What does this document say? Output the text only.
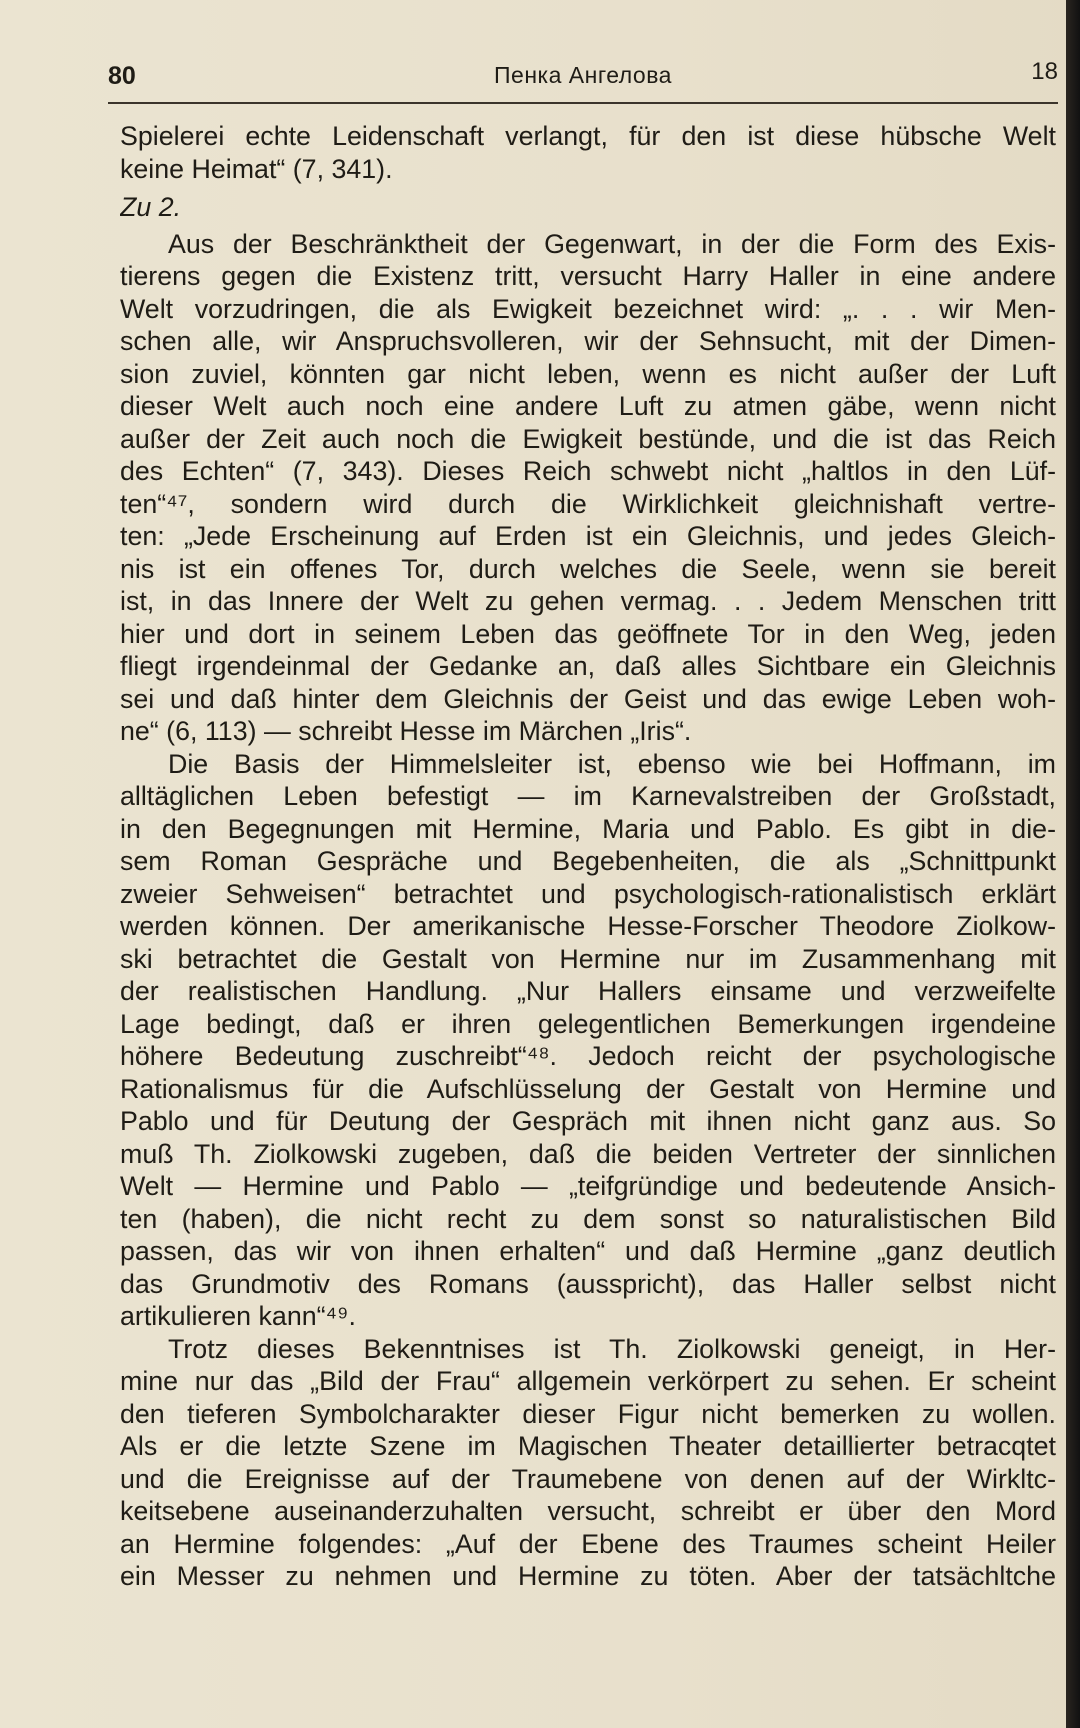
80	Пенка Ангелова	18
Spielerei echte Leidenschaft verlangt, für den ist diese hübsche Welt
keine Heimat“ (7, 341).
Zu 2.
Aus der Beschränktheit der Gegenwart, in der die Form des Exis-
tierens gegen die Existenz tritt, versucht Harry Haller in eine andere
Welt vorzudringen, die als Ewigkeit bezeichnet wird: „. . . wir Men-
schen alle, wir Anspruchsvolleren, wir der Sehnsucht, mit der Dimen-
sion zuviel, könnten gar nicht leben, wenn es nicht außer der Luft
dieser Welt auch noch eine andere Luft zu atmen gäbe, wenn nicht
außer der Zeit auch noch die Ewigkeit bestünde, und die ist das Reich
des Echten“ (7, 343). Dieses Reich schwebt nicht „haltlos in den Lüf-
ten“⁴⁷, sondern wird durch die Wirklichkeit gleichnishaft vertre-
ten: „Jede Erscheinung auf Erden ist ein Gleichnis, und jedes Gleich-
nis ist ein offenes Tor, durch welches die Seele, wenn sie bereit
ist, in das Innere der Welt zu gehen vermag. . . Jedem Menschen tritt
hier und dort in seinem Leben das geöffnete Tor in den Weg, jeden
fliegt irgendeinmal der Gedanke an, daß alles Sichtbare ein Gleichnis
sei und daß hinter dem Gleichnis der Geist und das ewige Leben woh-
ne“ (6, 113) — schreibt Hesse im Märchen „Iris“.
Die Basis der Himmelsleiter ist, ebenso wie bei Hoffmann, im
alltäglichen Leben befestigt — im Karnevalstreiben der Großstadt,
in den Begegnungen mit Hermine, Maria und Pablo. Es gibt in die-
sem Roman Gespräche und Begebenheiten, die als „Schnittpunkt
zweier Sehweisen“ betrachtet und psychologisch-rationalistisch erklärt
werden können. Der amerikanische Hesse-Forscher Theodore Ziolkow-
ski betrachtet die Gestalt von Hermine nur im Zusammenhang mit
der realistischen Handlung. „Nur Hallers einsame und verzweifelte
Lage bedingt, daß er ihren gelegentlichen Bemerkungen irgendeine
höhere Bedeutung zuschreibt“⁴⁸. Jedoch reicht der psychologische
Rationalismus für die Aufschlüsselung der Gestalt von Hermine und
Pablo und für Deutung der Gespräch mit ihnen nicht ganz aus. So
muß Th. Ziolkowski zugeben, daß die beiden Vertreter der sinnlichen
Welt — Hermine und Pablo — „teifgründige und bedeutende Ansich-
ten (haben), die nicht recht zu dem sonst so naturalistischen Bild
passen, das wir von ihnen erhalten“ und daß Hermine „ganz deutlich
das Grundmotiv des Romans (ausspricht), das Haller selbst nicht
artikulieren kann“⁴⁹.
Trotz dieses Bekenntnises ist Th. Ziolkowski geneigt, in Her-
mine nur das „Bild der Frau“ allgemein verkörpert zu sehen. Er scheint
den tieferen Symbolcharakter dieser Figur nicht bemerken zu wollen.
Als er die letzte Szene im Magischen Theater detaillierter betracqtet
und die Ereignisse auf der Traumebene von denen auf der Wirkltc-
keitsebene auseinanderzuhalten versucht, schreibt er über den Mord
an Hermine folgendes: „Auf der Ebene des Traumes scheint Heiler
ein Messer zu nehmen und Hermine zu töten. Aber der tatsächltche
